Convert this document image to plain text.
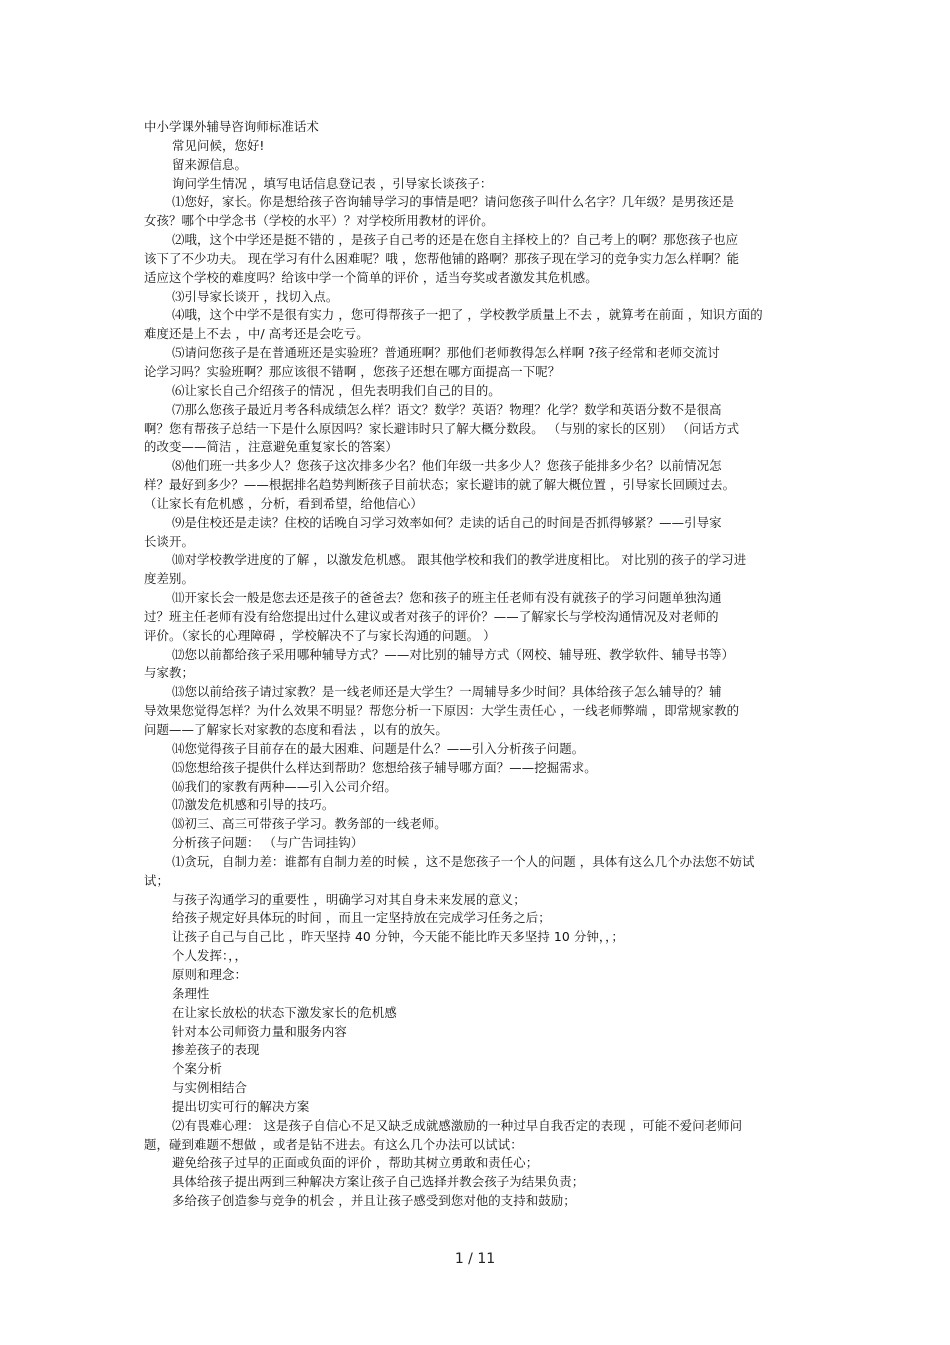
中小学课外辅导咨询师标准话术
常见问候，您好!
留来源信息。
询问学生情况 ，填写电话信息登记表 ，引导家长谈孩子：
⑴您好，家长。你是想给孩子咨询辅导学习的事情是吧？请问您孩子叫什么名字？几年级？是男孩还是
女孩？哪个中学念书（学校的水平）？对学校所用教材的评价。
⑵哦，这个中学还是挺不错的 ，是孩子自己考的还是在您自主择校上的？自己考上的啊？那您孩子也应
该下了不少功夫。 现在学习有什么困难呢？哦 ，您帮他铺的路啊？那孩子现在学习的竞争实力怎么样啊？能
适应这个学校的难度吗？给该中学一个简单的评价 ，适当夸奖或者激发其危机感。
⑶引导家长谈开 ，找切入点。
⑷哦，这个中学不是很有实力 ，您可得帮孩子一把了 ，学校教学质量上不去 ，就算考在前面 ，知识方面的
难度还是上不去 ，中/ 高考还是会吃亏。
⑸请问您孩子是在普通班还是实验班？普通班啊？那他们老师教得怎么样啊 ?孩子经常和老师交流讨
论学习吗？实验班啊？那应该很不错啊 ，您孩子还想在哪方面提高一下呢？
⑹让家长自己介绍孩子的情况 ，但先表明我们自己的目的。
⑺那么您孩子最近月考各科成绩怎么样？语文？数学？英语？物理？化学？数学和英语分数不是很高
啊？您有帮孩子总结一下是什么原因吗？家长避讳时只了解大概分数段。 （与别的家长的区别） （问话方式
的改变——简洁 ，注意避免重复家长的答案）
⑻他们班一共多少人？您孩子这次排多少名？他们年级一共多少人？您孩子能排多少名？以前情况怎
样？最好到多少？——根据排名趋势判断孩子目前状态；家长避讳的就了解大概位置 ，引导家长回顾过去。
（让家长有危机感 ，分析，看到希望，给他信心）
⑼是住校还是走读？住校的话晚自习学习效率如何？走读的话自己的时间是否抓得够紧？——引导家
长谈开。
⑽对学校教学进度的了解 ，以激发危机感。 跟其他学校和我们的教学进度相比。 对比别的孩子的学习进
度差别。
⑾开家长会一般是您去还是孩子的爸爸去？您和孩子的班主任老师有没有就孩子的学习问题单独沟通
过？班主任老师有没有给您提出过什么建议或者对孩子的评价？——了解家长与学校沟通情况及对老师的
评价。（家长的心理障碍 ，学校解决不了与家长沟通的问题。 ）
⑿您以前都给孩子采用哪种辅导方式？——对比别的辅导方式（网校、辅导班、教学软件、辅导书等）
与家教；
⒀您以前给孩子请过家教？是一线老师还是大学生？一周辅导多少时间？具体给孩子怎么辅导的？辅
导效果您觉得怎样？为什么效果不明显？帮您分析一下原因：大学生责任心 ，一线老师弊端 ，即常规家教的
问题——了解家长对家教的态度和看法 ，以有的放矢。
⒁您觉得孩子目前存在的最大困难、问题是什么？——引入分析孩子问题。
⒂您想给孩子提供什么样达到帮助？您想给孩子辅导哪方面？——挖掘需求。
⒃我们的家教有两种——引入公司介绍。
⒄激发危机感和引导的技巧。
⒅初三、高三可带孩子学习。教务部的一线老师。
分析孩子问题： （与广告词挂钩）
⑴贪玩，自制力差：谁都有自制力差的时候 ，这不是您孩子一个人的问题 ，具体有这么几个办法您不妨试
试；
与孩子沟通学习的重要性 ，明确学习对其自身未来发展的意义；
给孩子规定好具体玩的时间 ，而且一定坚持放在完成学习任务之后；
让孩子自己与自己比 ，昨天坚持 40 分钟，今天能不能比昨天多坚持 10 分钟，，；
个人发挥：，，
原则和理念：
条理性
在让家长放松的状态下激发家长的危机感
针对本公司师资力量和服务内容
掺差孩子的表现
个案分析
与实例相结合
提出切实可行的解决方案
⑵有畏难心理： 这是孩子自信心不足又缺乏成就感激励的一种过早自我否定的表现 ，可能不爱问老师问
题，碰到难题不想做 ，或者是钻不进去。有这么几个办法可以试试：
避免给孩子过早的正面或负面的评价 ，帮助其树立勇敢和责任心；
具体给孩子提出两到三种解决方案让孩子自己选择并教会孩子为结果负责；
多给孩子创造参与竞争的机会 ，并且让孩子感受到您对他的支持和鼓励；
1 / 11
